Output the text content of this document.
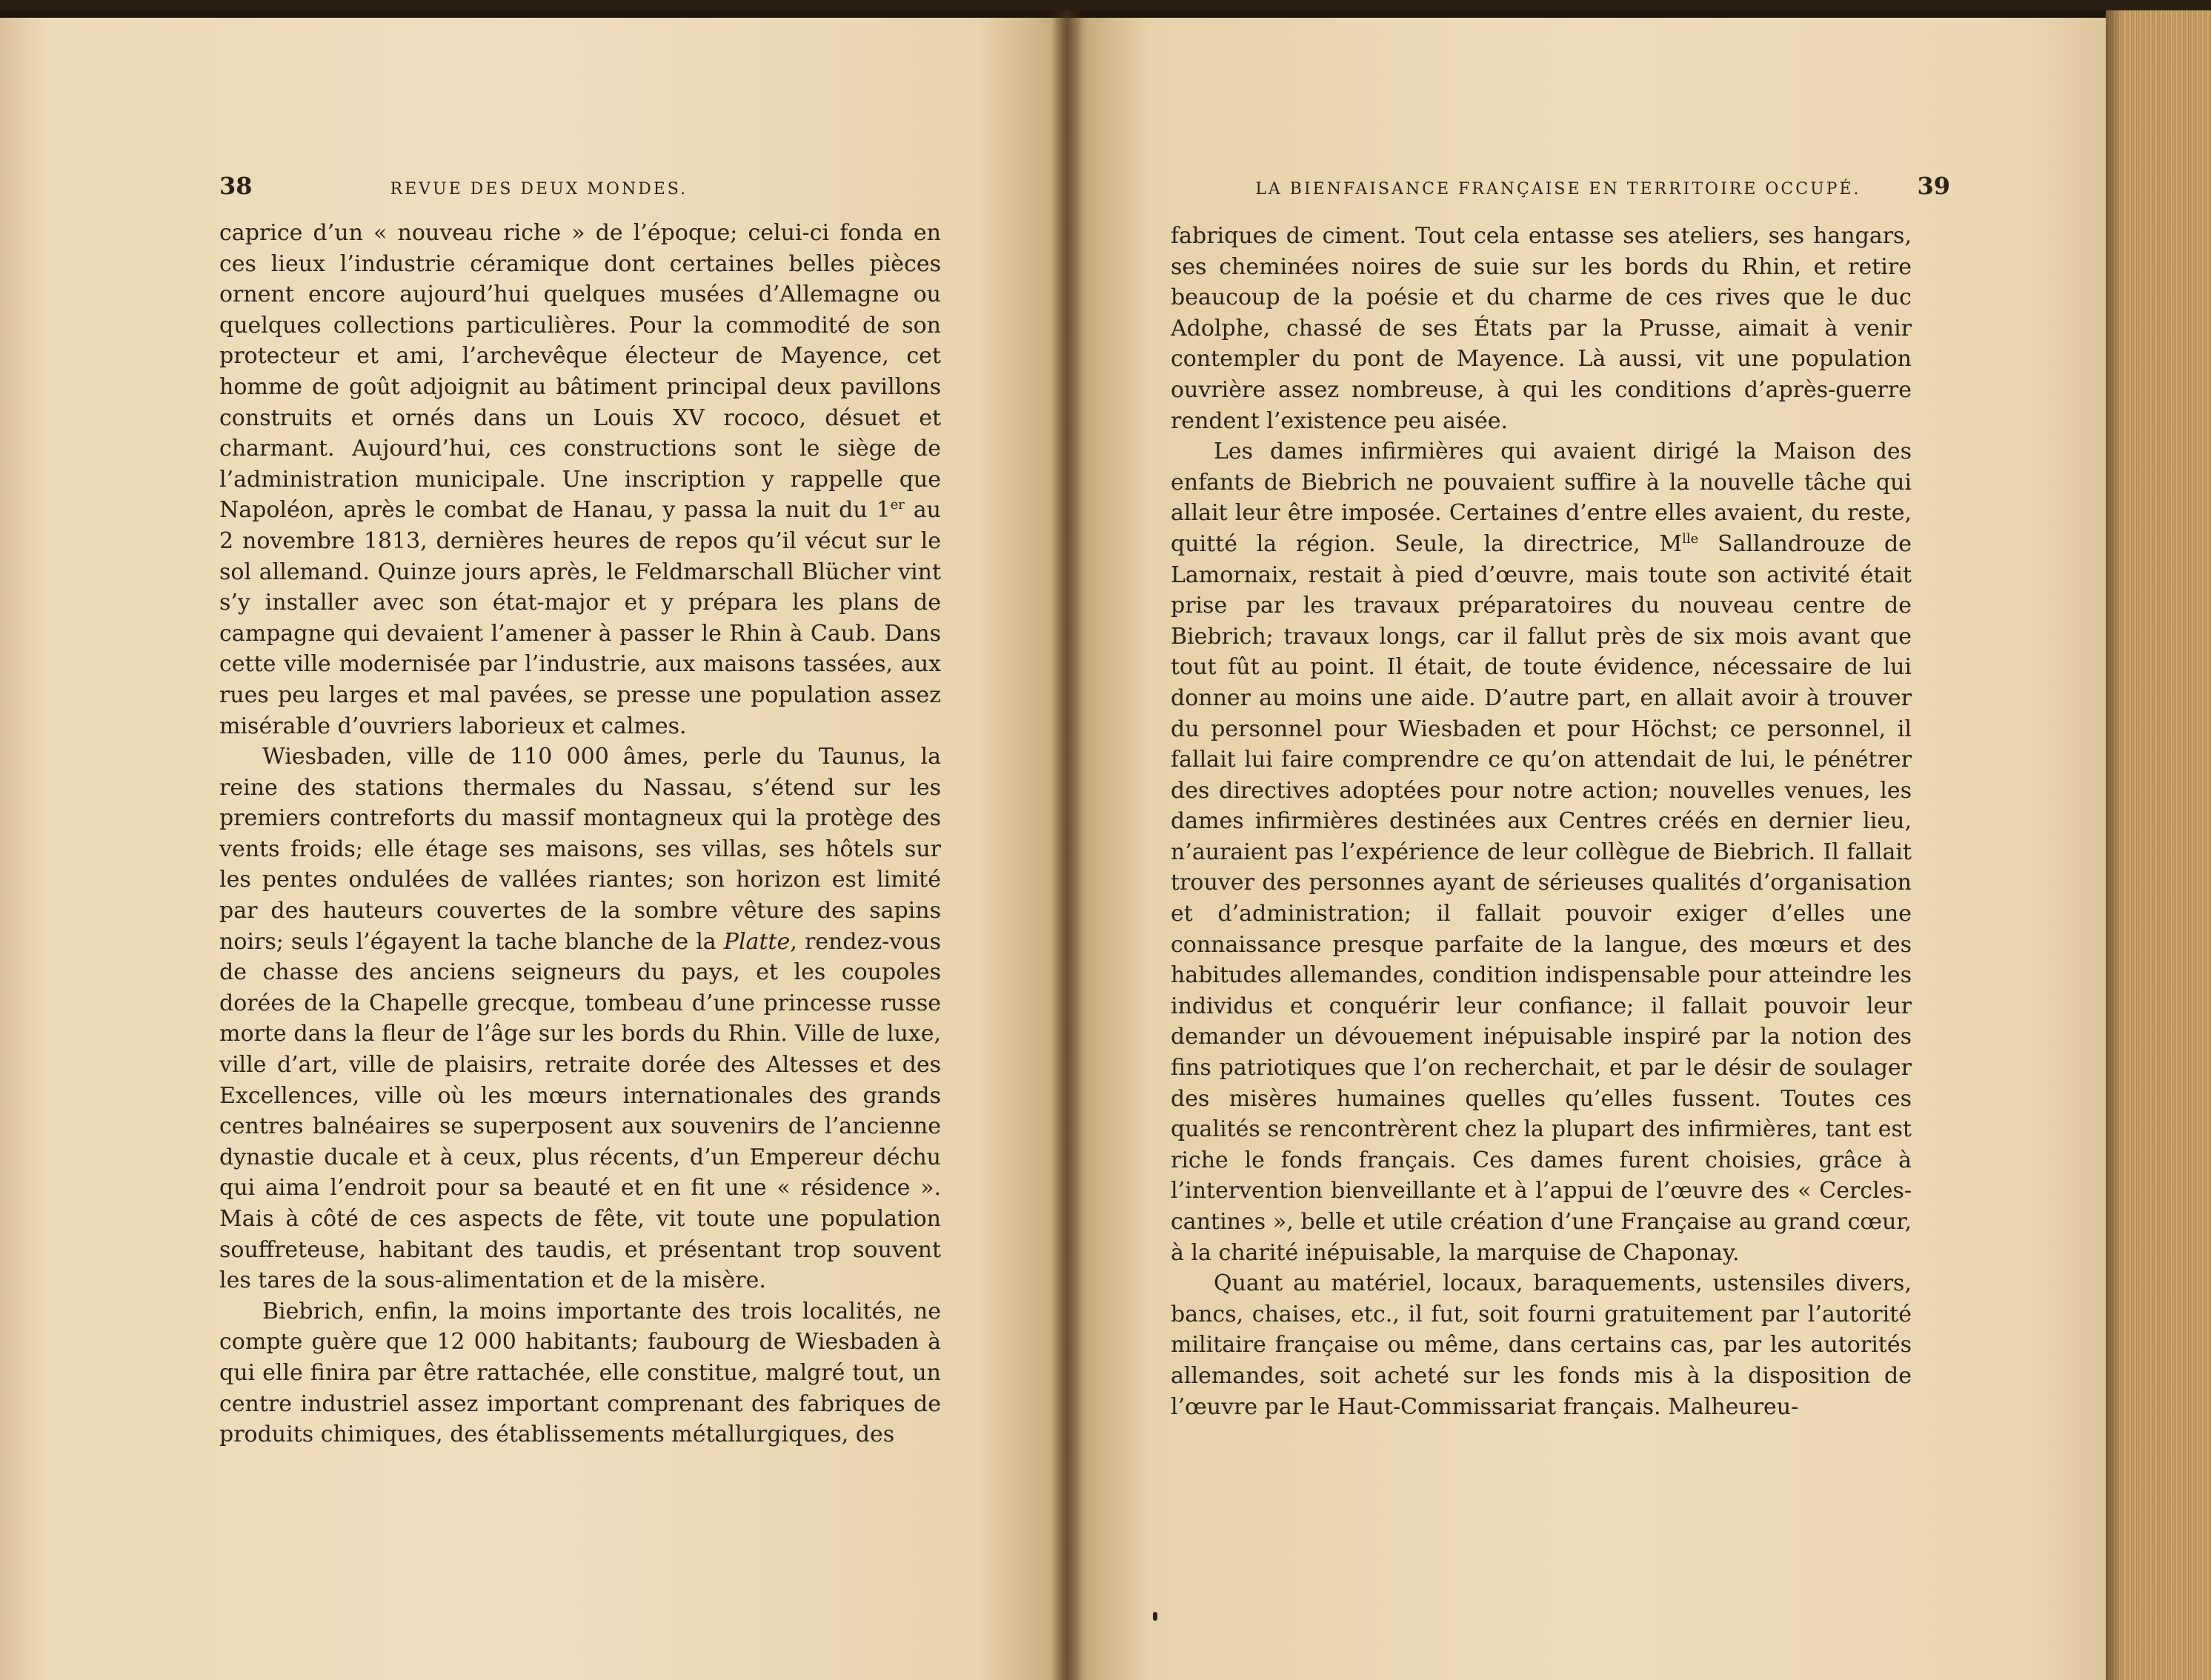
38	REVUE DES DEUX MONDES.

caprice d’un « nouveau riche » de l’époque; celui-ci fonda en ces lieux l’industrie céramique dont certaines belles pièces ornent encore aujourd’hui quelques musées d’Allemagne ou quelques collections particulières. Pour la commodité de son protecteur et ami, l’archevêque électeur de Mayence, cet homme de goût adjoignit au bâtiment principal deux pavillons construits et ornés dans un Louis XV rococo, désuet et charmant. Aujourd’hui, ces constructions sont le siège de l’administration municipale. Une inscription y rappelle que Napoléon, après le combat de Hanau, y passa la nuit du 1er au 2 novembre 1813, dernières heures de repos qu’il vécut sur le sol allemand. Quinze jours après, le Feldmarschall Blücher vint s’y installer avec son état-major et y prépara les plans de campagne qui devaient l’amener à passer le Rhin à Caub. Dans cette ville modernisée par l’industrie, aux maisons tassées, aux rues peu larges et mal pavées, se presse une population assez misérable d’ouvriers laborieux et calmes.

Wiesbaden, ville de 110 000 âmes, perle du Taunus, la reine des stations thermales du Nassau, s’étend sur les premiers contreforts du massif montagneux qui la protège des vents froids; elle étage ses maisons, ses villas, ses hôtels sur les pentes ondulées de vallées riantes; son horizon est limité par des hauteurs couvertes de la sombre vêture des sapins noirs; seuls l’égayent la tache blanche de la Platte, rendez-vous de chasse des anciens seigneurs du pays, et les coupoles dorées de la Chapelle grecque, tombeau d’une princesse russe morte dans la fleur de l’âge sur les bords du Rhin. Ville de luxe, ville d’art, ville de plaisirs, retraite dorée des Altesses et des Excellences, ville où les mœurs internationales des grands centres balnéaires se superposent aux souvenirs de l’ancienne dynastie ducale et à ceux, plus récents, d’un Empereur déchu qui aima l’endroit pour sa beauté et en fit une « résidence ». Mais à côté de ces aspects de fête, vit toute une population souffreteuse, habitant des taudis, et présentant trop souvent les tares de la sous-alimentation et de la misère.

Biebrich, enfin, la moins importante des trois localités, ne compte guère que 12 000 habitants; faubourg de Wiesbaden à qui elle finira par être rattachée, elle constitue, malgré tout, un centre industriel assez important comprenant des fabriques de produits chimiques, des établissements métallurgiques, des

LA BIENFAISANCE FRANÇAISE EN TERRITOIRE OCCUPÉ. 39

fabriques de ciment. Tout cela entasse ses ateliers, ses hangars, ses cheminées noires de suie sur les bords du Rhin, et retire beaucoup de la poésie et du charme de ces rives que le duc Adolphe, chassé de ses États par la Prusse, aimait à venir contempler du pont de Mayence. Là aussi, vit une population ouvrière assez nombreuse, à qui les conditions d’après-guerre rendent l’existence peu aisée.

Les dames infirmières qui avaient dirigé la Maison des enfants de Biebrich ne pouvaient suffire à la nouvelle tâche qui allait leur être imposée. Certaines d’entre elles avaient, du reste, quitté la région. Seule, la directrice, $M^{lle}$ Sallandrouze de Lamornaix, restait à pied d’œuvre, mais toute son activité était prise par les travaux préparatoires du nouveau centre de Biebrich; travaux longs, car il fallut près de six mois avant que tout fût au point. Il était, de toute évidence, nécessaire de lui donner au moins une aide. D’autre part, en allait avoir à trouver du personnel pour Wiesbaden et pour Höchst; ce personnel, il fallait lui faire comprendre ce qu’on attendait de lui, le pénétrer des directives adoptées pour notre action; nouvelles venues, les dames infirmières destinées aux Centres créés en dernier lieu, n’auraient pas l’expérience de leur collègue de Biebrich. Il fallait trouver des personnes ayant de sérieuses qualités d’organisation et d’administration; il fallait pouvoir exiger d’elles une connaissance presque parfaite de la langue, des mœurs et des habitudes allemandes, condition indispensable pour atteindre les individus et conquérir leur confiance; il fallait pouvoir leur demander un dévouement inépuisable inspiré par la notion des fins patriotiques que l’on recherchait, et par le désir de soulager des misères humaines quelles qu’elles fussent. Toutes ces qualités se rencontrèrent chez la plupart des infirmières, tant est riche le fonds français. Ces dames furent choisies, grâce à l’intervention bienveillante et à l’appui de l’œuvre des « Cercles-cantines », belle et utile création d’une Française au grand cœur, à la charité inépuisable, la marquise de Chaponay.

Quant au matériel, locaux, baraquements, ustensiles divers, bancs, chaises, etc., il fut, soit fourni gratuitement par l’autorité militaire française ou même, dans certains cas, par les autorités allemandes, soit acheté sur les fonds mis à la disposition de l’œuvre par le Haut-Commissariat français. Malheureu-
